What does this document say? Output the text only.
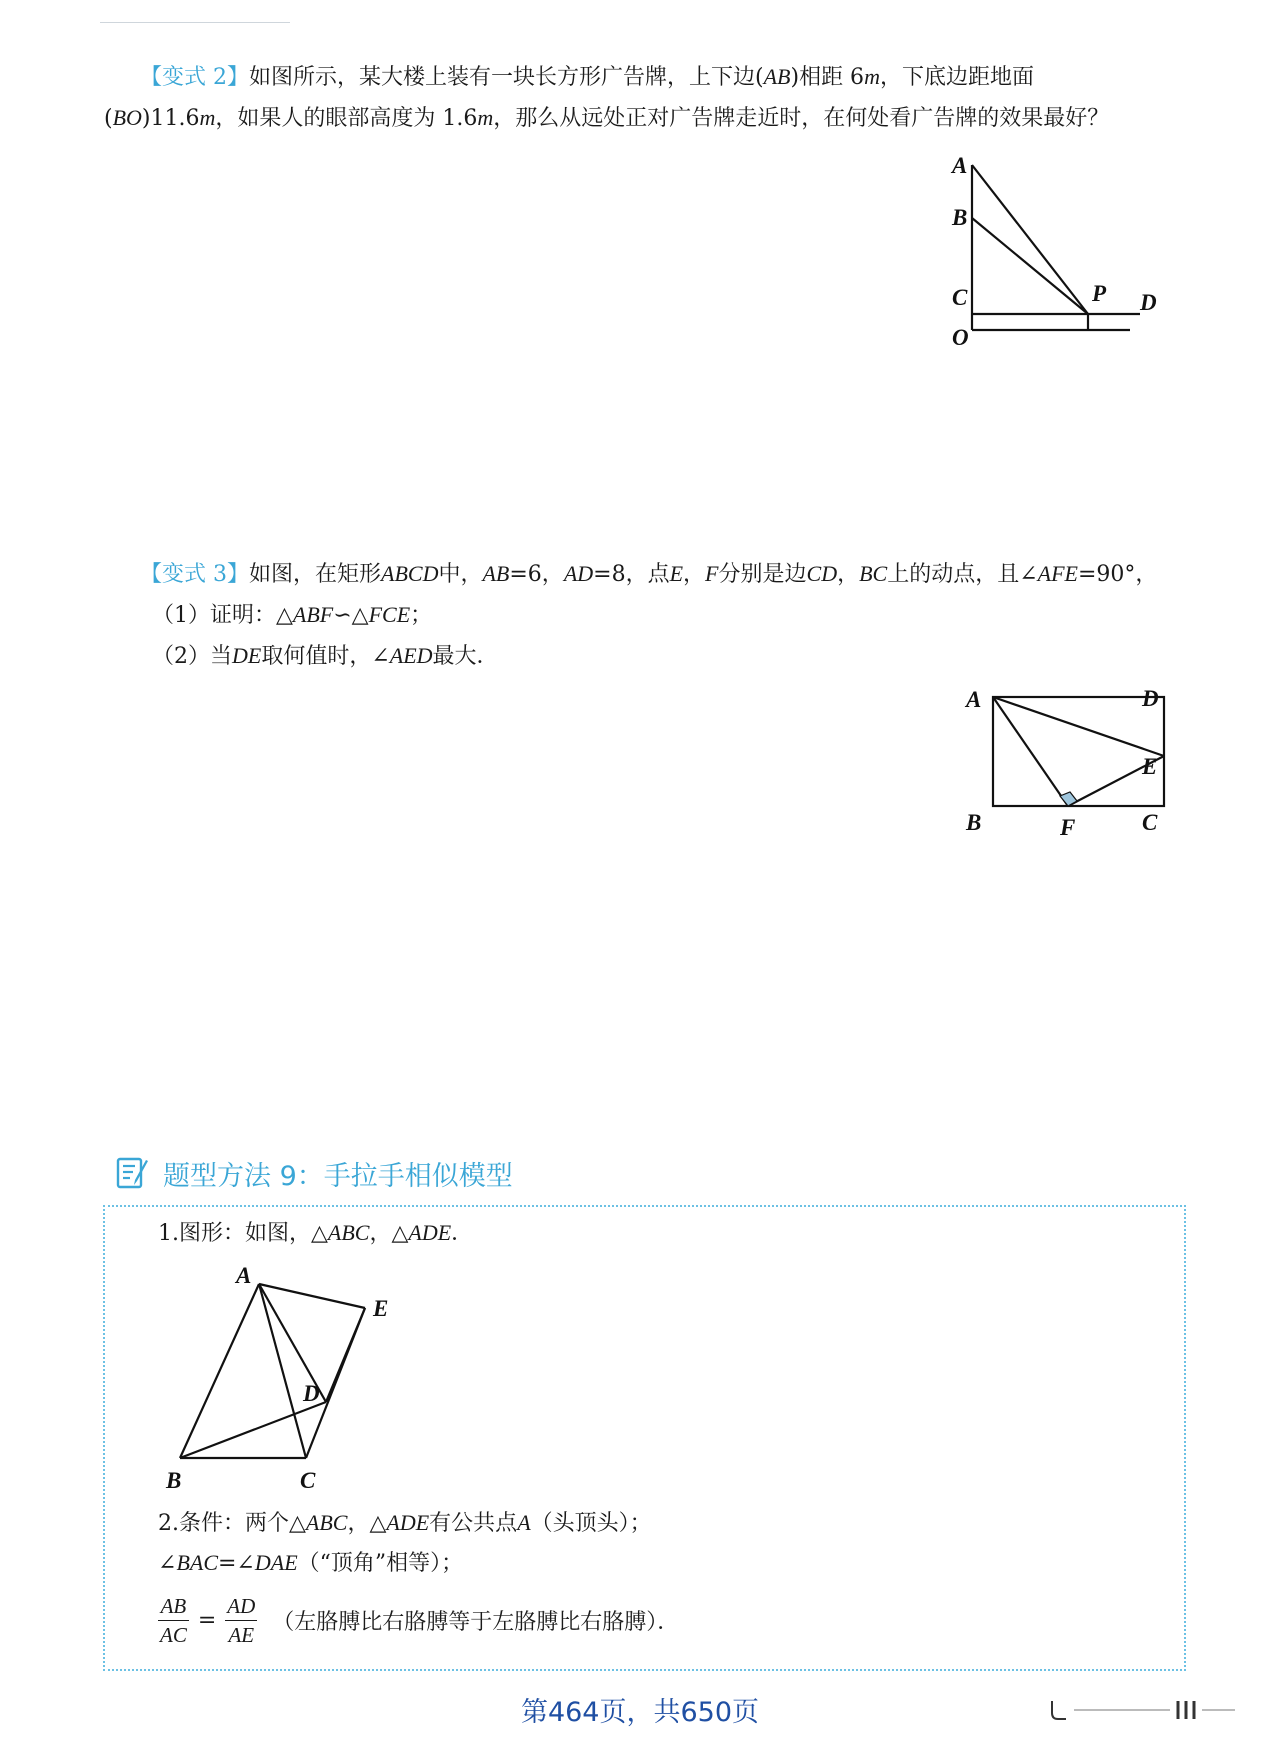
【变式 2】如图所示，某大楼上装有一块长方形广告牌，上下边(AB)相距 6m，下底边距地面
(BO)11.6m，如果人的眼部高度为 1.6m，那么从远处正对广告牌走近时，在何处看广告牌的效果最好？
A
B
C
O
P D
【变式 3】如图，在矩形ABCD中，AB=6，AD=8，点E，F分别是边CD，BC上的动点，且∠AFE=90°，
（1）证明：△ABF∽△FCE；
（2）当DE取何值时，∠AED最大．
A	D
E
B	F	C
题型方法 9：手拉手相似模型
1.图形：如图，△ABC，△ADE．
A
E
D
B	C
2.条件：两个△ABC，△ADE有公共点A（头顶头）；
∠BAC=∠DAE（“顶角”相等）；
$\frac{AB}{AC} = \frac{AD}{AE}$ （左胳膊比右胳膊等于左胳膊比右胳膊）．
第464页，共650页
